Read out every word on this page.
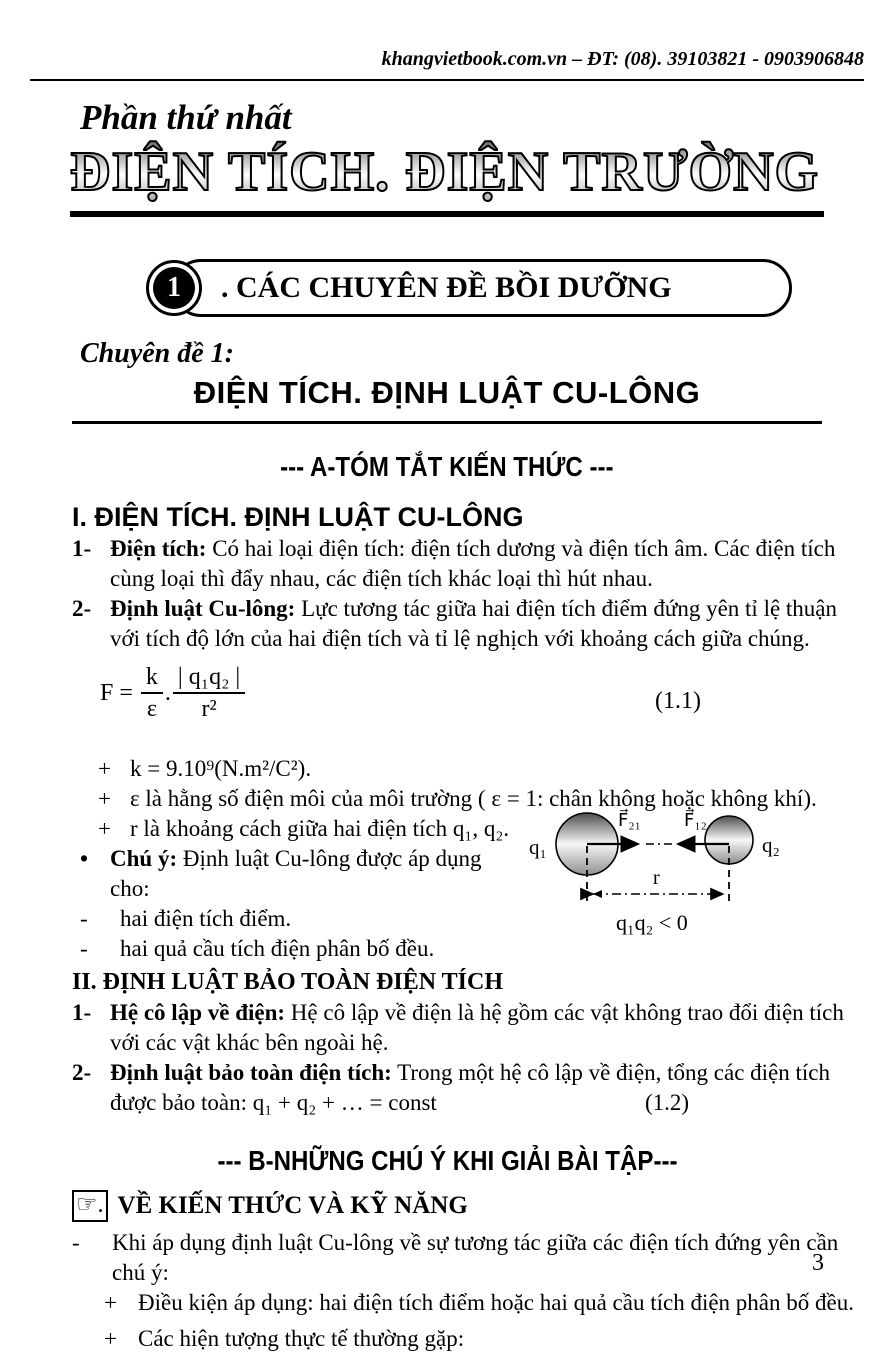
khangvietbook.com.vn – ĐT: (08). 39103821 - 0903906848
Phần thứ nhất
ĐIỆN TÍCH. ĐIỆN TRƯỜNG
. CÁC CHUYÊN ĐỀ BỒI DƯỠNG
1
Chuyên đề 1:
ĐIỆN TÍCH. ĐỊNH LUẬT CU-LÔNG
--- A-TÓM TẮT KIẾN THỨC ---
I. ĐIỆN TÍCH. ĐỊNH LUẬT CU-LÔNG
1- Điện tích: Có hai loại điện tích: điện tích dương và điện tích âm. Các điện tích cùng loại thì đẩy nhau, các điện tích khác loại thì hút nhau.
2- Định luật Cu-lông: Lực tương tác giữa hai điện tích điểm đứng yên tỉ lệ thuận với tích độ lớn của hai điện tích và tỉ lệ nghịch với khoảng cách giữa chúng.
F =
$\frac{k}{\varepsilon}$ . $\frac{\text{| q₁q₂ |}}{\text{r²}}$	(1.1)
+ k = 9.10⁹(N.m²/C²).
+ ε là hằng số điện môi của môi trường ( ε = 1: chân không hoặc không khí).
q₁	q₂
F⃗₂₁ F⃗₁₂
r
q₁q₂ < 0
+ r là khoảng cách giữa hai điện tích q₁, q₂.
• Chú ý: Định luật Cu-lông được áp dụng cho:
-	hai điện tích điểm.
-	hai quả cầu tích điện phân bố đều.
II. ĐỊNH LUẬT BẢO TOÀN ĐIỆN TÍCH
1- Hệ cô lập về điện: Hệ cô lập về điện là hệ gồm các vật không trao đổi điện tích với các vật khác bên ngoài hệ.
2- Định luật bảo toàn điện tích: Trong một hệ cô lập về điện, tổng các điện tích
được bảo toàn: q₁ + q₂ + … = const	(1.2)
--- B-NHỮNG CHÚ Ý KHI GIẢI BÀI TẬP---
☞. VỀ KIẾN THỨC VÀ KỸ NĂNG
-	Khi áp dụng định luật Cu-lông về sự tương tác giữa các điện tích đứng yên cần chú ý:
+ Điều kiện áp dụng: hai điện tích điểm hoặc hai quả cầu tích điện phân bố đều.
+ Các hiện tượng thực tế thường gặp:
3
